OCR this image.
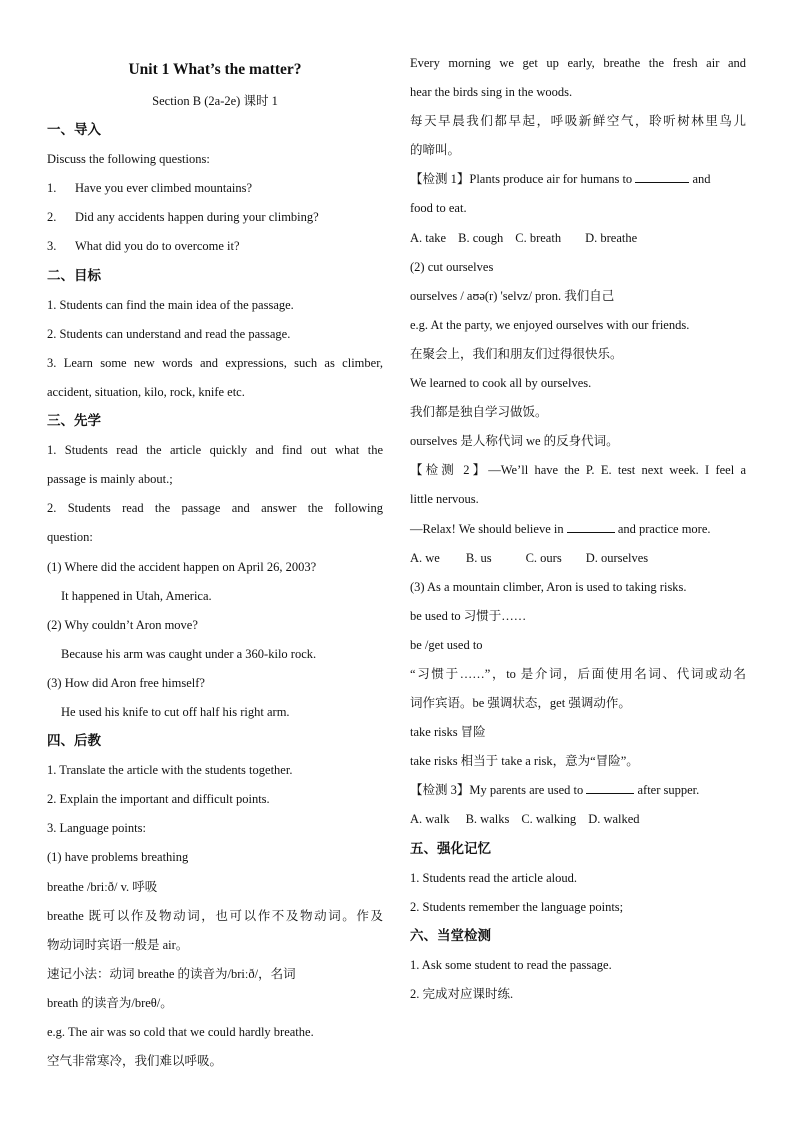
Unit 1 What’s the matter?
Section B (2a-2e) 课时 1
一、导入
Discuss the following questions:
1. Have you ever climbed mountains?
2. Did any accidents happen during your climbing?
3. What did you do to overcome it?
二、目标
1. Students can find the main idea of the passage.
2. Students can understand and read the passage.
3. Learn some new words and expressions, such as climber,
accident, situation, kilo, rock, knife etc.
三、先学
1. Students read the article quickly and find out what the
passage is mainly about.;
2. Students read the passage and answer the following
question:
(1) Where did the accident happen on April 26, 2003?
It happened in Utah, America.
(2) Why couldn’t Aron move?
Because his arm was caught under a 360-kilo rock.
(3) How did Aron free himself?
He used his knife to cut off half his right arm.
四、后教
1. Translate the article with the students together.
2. Explain the important and difficult points.
3. Language points:
(1) have problems breathing
breathe /briːð/ v. 呼吸
breathe 既可以作及物动词，也可以作不及物动词。作及
物动词时宾语一般是 air。
速记小法：动词 breathe 的读音为/briːð/，名词
breath 的读音为/breθ/。
e.g. The air was so cold that we could hardly breathe.
空气非常寒冷，我们难以呼吸。
Every morning we get up early, breathe the fresh air and
hear the birds sing in the woods.
每天早晨我们都早起，呼吸新鲜空气，聆听树林里鸟儿
的啼叫。
【检测 1】Plants produce air for humans to	and
food to eat.
A. take B. cough C. breath D. breathe
(2) cut ourselves
ourselves / aʊə(r) 'selvz/ pron. 我们自己
e.g. At the party, we enjoyed ourselves with our friends.
在聚会上，我们和朋友们过得很快乐。
We learned to cook all by ourselves.
我们都是独自学习做饭。
ourselves 是人称代词 we 的反身代词。
【检测 2】—We’ll have the P. E. test next week. I feel a
little nervous.
—Relax! We should believe in	and practice more.
A. we B. us	C. ours D. ourselves
(3) As a mountain climber, Aron is used to taking risks.
be used to 习惯于……
be /get used to
“习惯于……”，to 是介词，后面使用名词、代词或动名
词作宾语。be 强调状态，get 强调动作。
take risks 冒险
take risks 相当于 take a risk，意为“冒险”。
【检测 3】My parents are used to	after supper.
A. walk B. walks C. walking D. walked
五、强化记忆
1. Students read the article aloud.
2. Students remember the language points;
六、当堂检测
1. Ask some student to read the passage.
2. 完成对应课时练.
